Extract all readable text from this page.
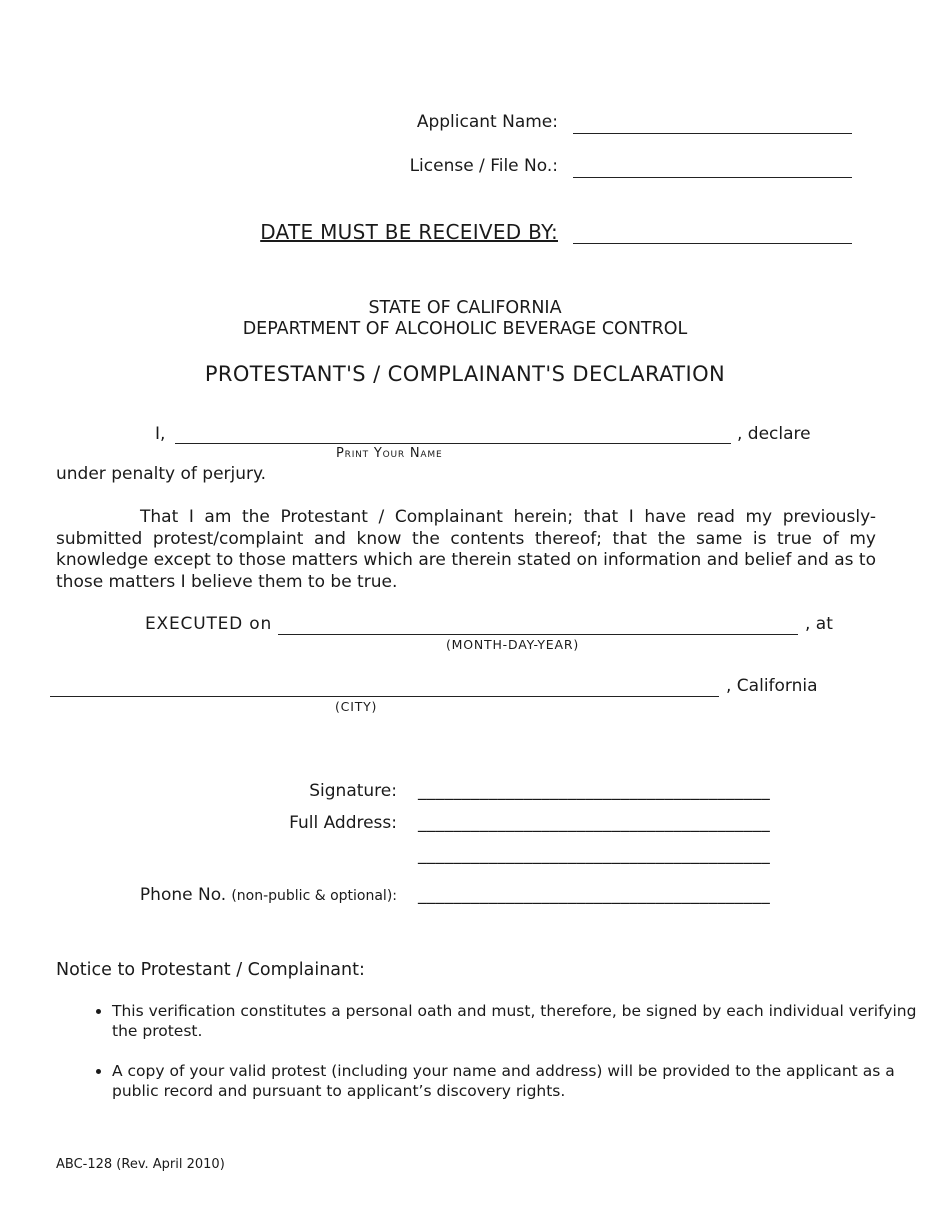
Applicant Name:
License / File No.:
DATE MUST BE RECEIVED BY:
STATE OF CALIFORNIA
DEPARTMENT OF ALCOHOLIC BEVERAGE CONTROL
PROTESTANT'S / COMPLAINANT'S DECLARATION
I,	, declare
Print Your Name
under penalty of perjury.
That I am the Protestant / Complainant herein; that I have read my previously-submitted protest/complaint and know the contents thereof; that the same is true of my knowledge except to those matters which are therein stated on information and belief and as to those matters I believe them to be true.
EXECUTED on	, at
(MONTH-DAY-YEAR)
, California
(CITY)
Signature: ________________________________________
Full Address: ________________________________________
________________________________________
Phone No. (non-public & optional): ________________________________________
Notice to Protestant / Complainant:
• This verification constitutes a personal oath and must, therefore, be signed by each individual verifying the protest.
• A copy of your valid protest (including your name and address) will be provided to the applicant as a public record and pursuant to applicant’s discovery rights.
ABC-128 (Rev. April 2010)
